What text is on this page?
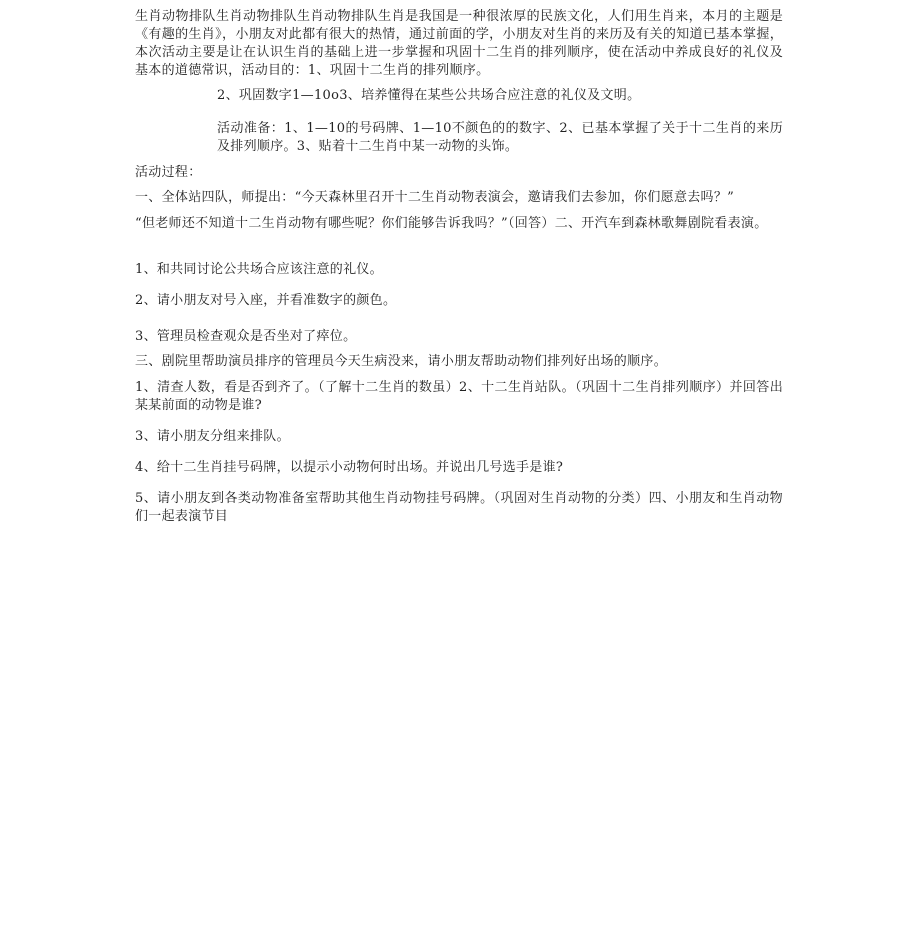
生肖动物排队生肖动物排队生肖动物排队生肖是我国是一种很浓厚的民族文化，人们用生肖来，本月的主题是《有趣的生肖》，小朋友对此都有很大的热情，通过前面的学，小朋友对生肖的来历及有关的知道已基本掌握，本次活动主要是让在认识生肖的基础上进一步掌握和巩固十二生肖的排列顺序，使在活动中养成良好的礼仪及基本的道德常识，活动目的：1、巩固十二生肖的排列顺序。

2、巩固数字1—10o3、培养懂得在某些公共场合应注意的礼仪及文明。

活动准备：1、1—10的号码牌、1—10不颜色的的数字、2、已基本掌握了关于十二生肖的来历及排列顺序。3、贴着十二生肖中某一动物的头饰。

活动过程：

一、全体站四队，师提出：“今天森林里召开十二生肖动物表演会，邀请我们去参加，你们愿意去吗？”

“但老师还不知道十二生肖动物有哪些呢？你们能够告诉我吗？”（回答）二、开汽车到森林歌舞剧院看表演。

1、和共同讨论公共场合应该注意的礼仪。

2、请小朋友对号入座，并看准数字的颜色。

3、管理员检查观众是否坐对了瘁位。

三、剧院里帮助演员排序的管理员今天生病没来，请小朋友帮助动物们排列好出场的顺序。

1、清查人数，看是否到齐了。（了解十二生肖的数虽）2、十二生肖站队。（巩固十二生肖排列顺序）并回答出某某前面的动物是谁?

3、请小朋友分组来排队。

4、给十二生肖挂号码牌，以提示小动物何时出场。并说出几号选手是谁?

5、请小朋友到各类动物准备室帮助其他生肖动物挂号码牌。（巩固对生肖动物的分类）四、小朋友和生肖动物们一起表演节目
